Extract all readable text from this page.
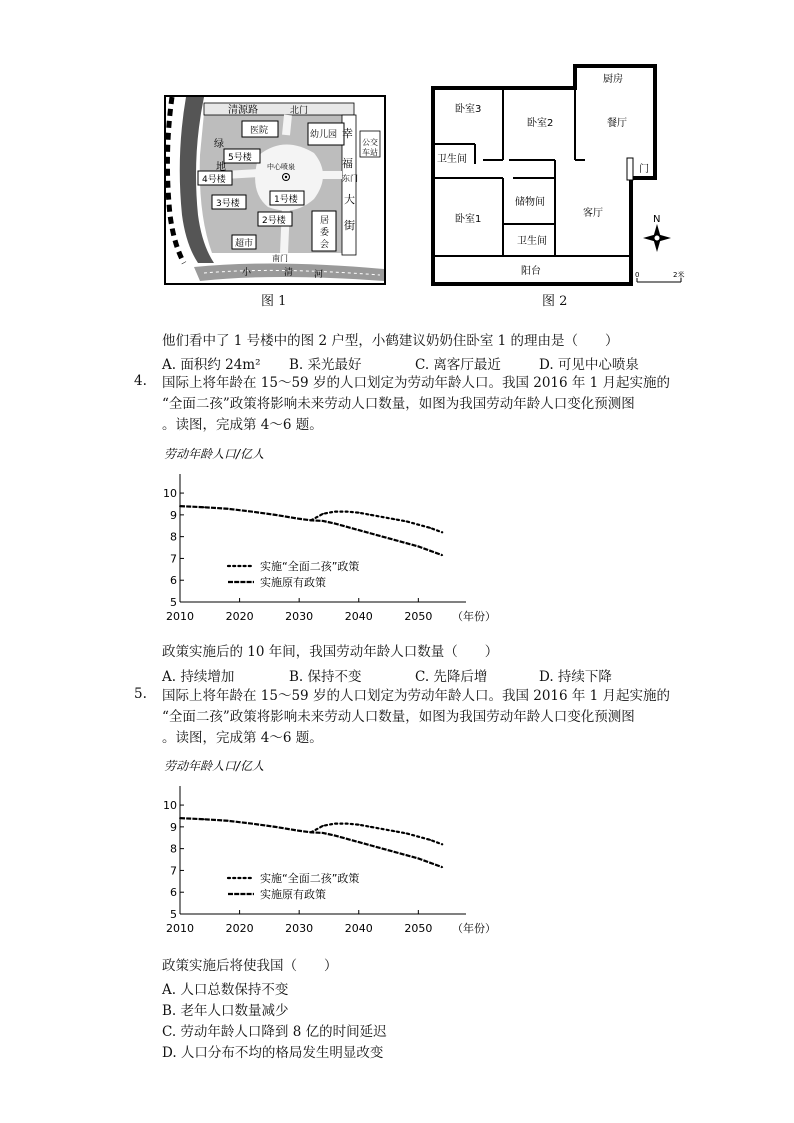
清源路	北门
医院	幼儿园 幸
绿
地
5号楼
中心喷泉
4号楼
福
东门
公交
车站
1号楼	大
3号楼
2号楼	居
委
会
街
超市
南门
小	清 河
图 1
厨房
卧室3
卧室2	餐厅
卫生间
门
储物间
客厅
卧室1
卫生间
阳台
N
0	2米
图 2
他们看中了 1 号楼中的图 2 户型，小鹤建议奶奶住卧室 1 的理由是（　　）
A. 面积约 24m² B. 采光最好	C. 离客厅最近	D. 可见中心喷泉
4. 国际上将年龄在 15～59 岁的人口划定为劳动年龄人口。我国 2016 年 1 月起实施的
“全面二孩”政策将影响未来劳动人口数量，如图为我国劳动年龄人口变化预测图
。读图，完成第 4～6 题。
劳动年龄人口/亿人
5
6
7
8
9
10
2010	2020	2030	2040	2050 （年份）
实施“全面二孩”政策
实施原有政策
政策实施后的 10 年间，我国劳动年龄人口数量（　　）
A. 持续增加	B. 保持不变	C. 先降后增	D. 持续下降
5. 国际上将年龄在 15～59 岁的人口划定为劳动年龄人口。我国 2016 年 1 月起实施的
“全面二孩”政策将影响未来劳动人口数量，如图为我国劳动年龄人口变化预测图
。读图，完成第 4～6 题。
劳动年龄人口/亿人
5
6
7
8
9
10
2010	2020	2030	2040	2050 （年份）
实施“全面二孩”政策
实施原有政策
政策实施后将使我国（　　）
A. 人口总数保持不变
B. 老年人口数量减少
C. 劳动年龄人口降到 8 亿的时间延迟
D. 人口分布不均的格局发生明显改变
